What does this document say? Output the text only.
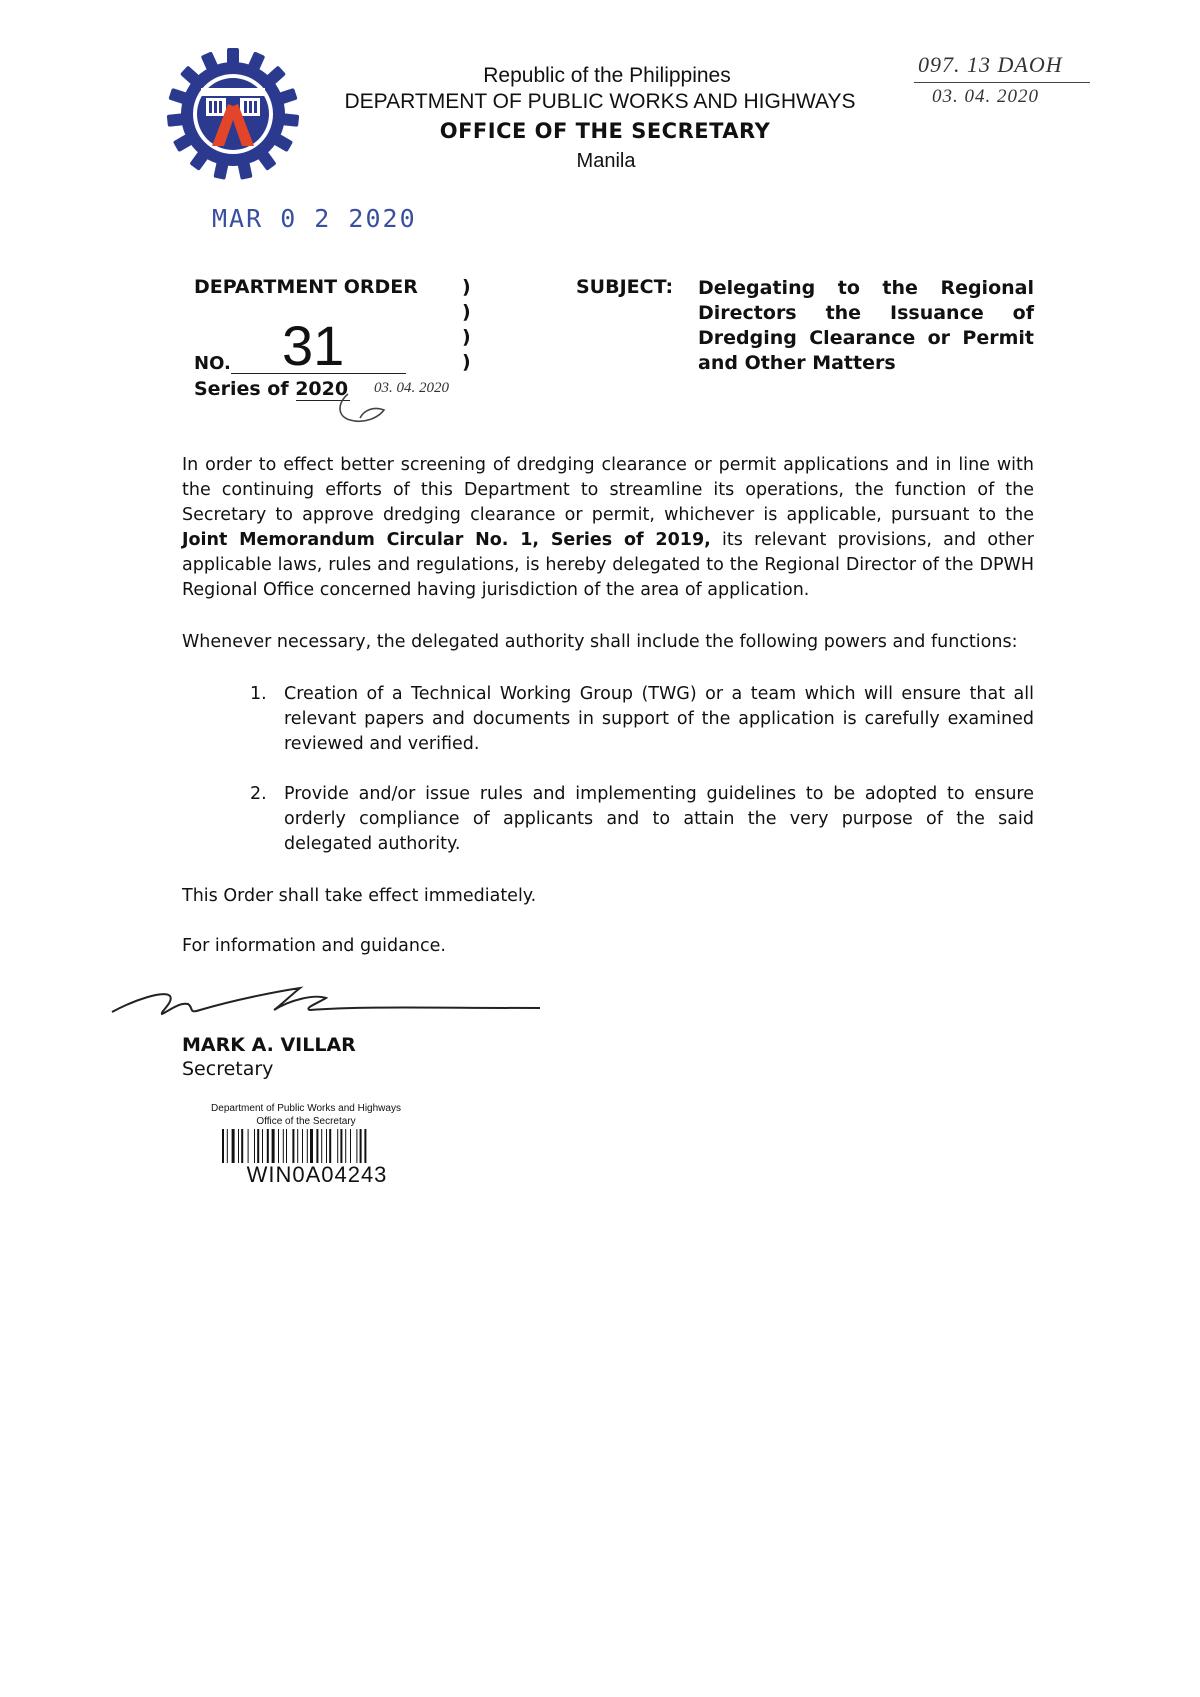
Republic of the Philippines
DEPARTMENT OF PUBLIC WORKS AND HIGHWAYS
OFFICE OF THE SECRETARY
Manila
097. 13 DAOH
03. 04. 2020
MAR 0 2 2020
DEPARTMENT ORDER )
)
)
)
NO. 31
Series of 2020 03. 04. 2020
SUBJECT: Delegating to the Regional Directors the Issuance of Dredging Clearance or Permit and Other Matters
In order to effect better screening of dredging clearance or permit applications and in line with the continuing efforts of this Department to streamline its operations, the function of the Secretary to approve dredging clearance or permit, whichever is applicable, pursuant to the Joint Memorandum Circular No. 1, Series of 2019, its relevant provisions, and other applicable laws, rules and regulations, is hereby delegated to the Regional Director of the DPWH Regional Office concerned having jurisdiction of the area of application.
Whenever necessary, the delegated authority shall include the following powers and functions:
1. Creation of a Technical Working Group (TWG) or a team which will ensure that all relevant papers and documents in support of the application is carefully examined reviewed and verified.
2. Provide and/or issue rules and implementing guidelines to be adopted to ensure orderly compliance of applicants and to attain the very purpose of the said delegated authority.
This Order shall take effect immediately.
For information and guidance.
MARK A. VILLAR
Secretary
Department of Public Works and Highways
Office of the Secretary
WIN0A04243
